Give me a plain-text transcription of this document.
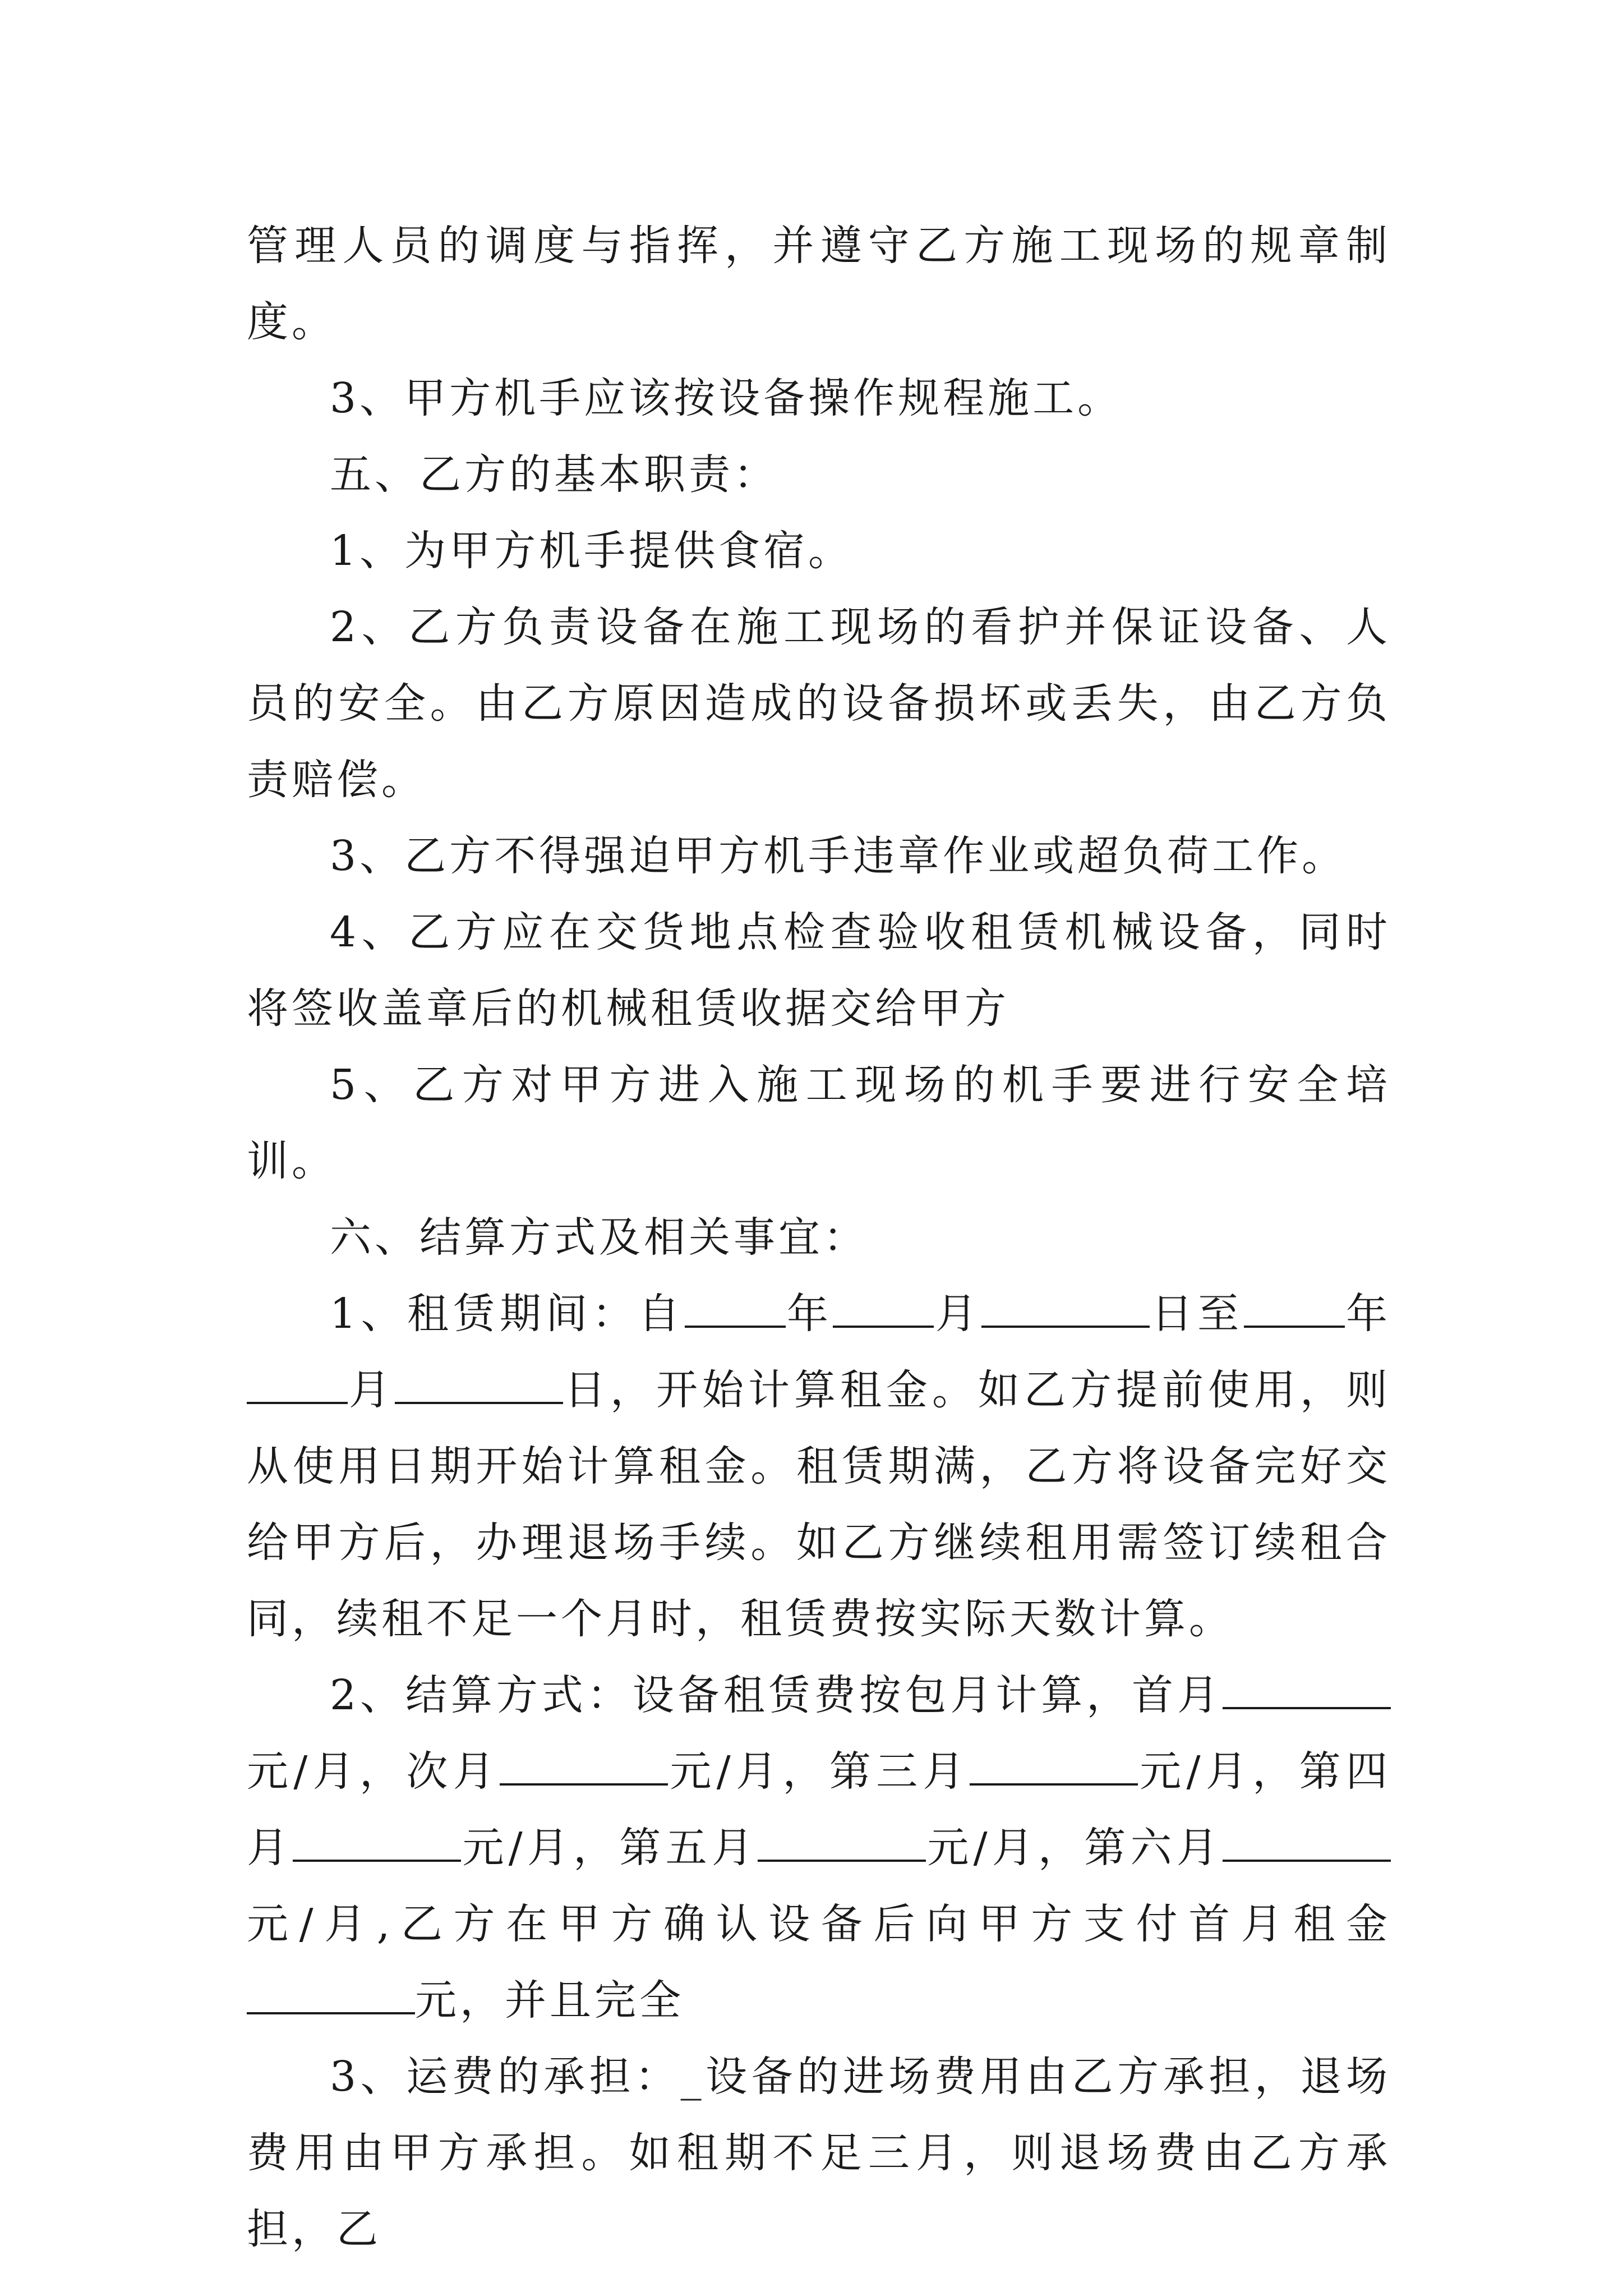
管理人员的调度与指挥，并遵守乙方施工现场的规章制度。

3、甲方机手应该按设备操作规程施工。

五、乙方的基本职责：

1、为甲方机手提供食宿。

2、乙方负责设备在施工现场的看护并保证设备、人员的安全。由乙方原因造成的设备损坏或丢失，由乙方负责赔偿。

3、乙方不得强迫甲方机手违章作业或超负荷工作。

4、乙方应在交货地点检查验收租赁机械设备，同时将签收盖章后的机械租赁收据交给甲方

5、乙方对甲方进入施工现场的机手要进行安全培训。

六、结算方式及相关事宜：

1、租赁期间：自 年 月	日至 年月	日，开始计算租金。如乙方提前使用，则从使用日期开始计算租金。租赁期满，乙方将设备完好交给甲方后，办理退场手续。如乙方继续租用需签订续租合同，续租不足一个月时，租赁费按实际天数计算。

2、结算方式：设备租赁费按包月计算，首月元/月，次月	元/月，第三月	元/月，第四月	元/月，第五月	元/月，第六月元/月,乙方在甲方确认设备后向甲方支付首月租金元，并且完全

3、运费的承担：_设备的进场费用由乙方承担，退场费用由甲方承担。如租期不足三月，则退场费由乙方承担，乙
